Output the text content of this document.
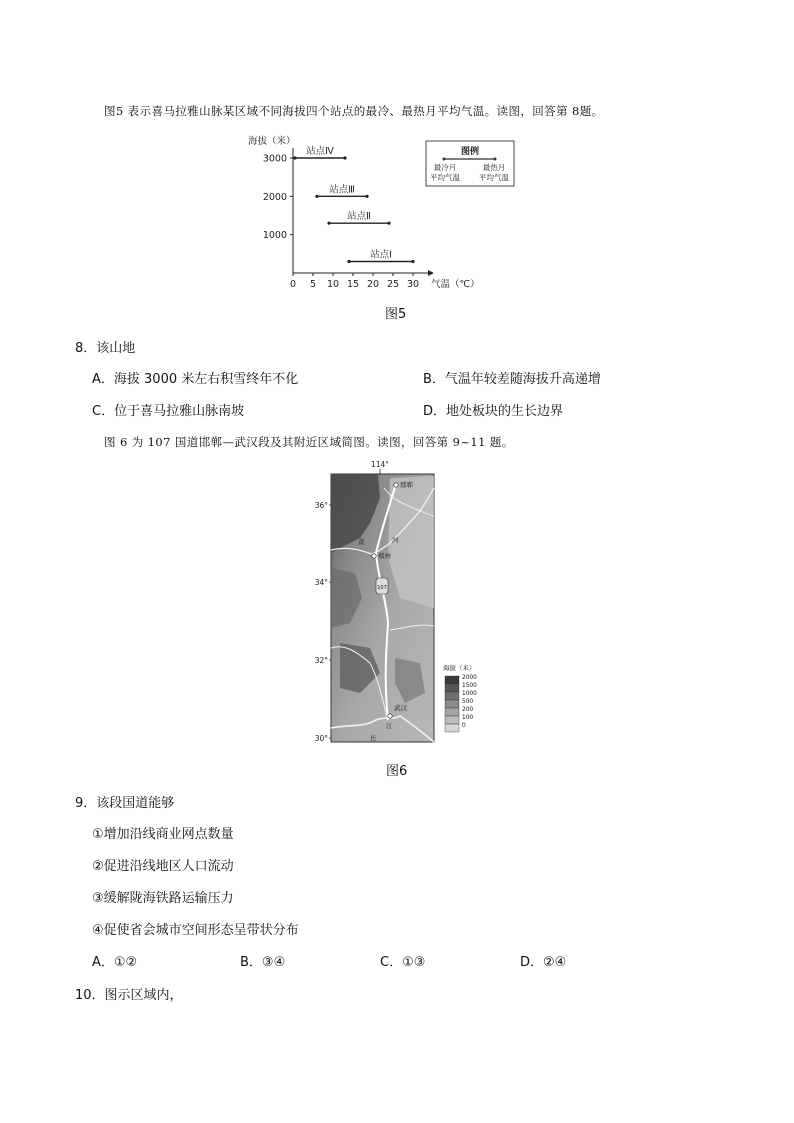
图5 表示喜马拉雅山脉某区域不同海拔四个站点的最冷、最热月平均气温。读图，回答第 8题。
海拔（米）
1000
2000
3000
0 5 10 15 20 25 30 气温（℃）
站点Ⅳ
站点Ⅲ
站点Ⅱ
站点Ⅰ
图例
最冷月
平均气温
最热月
平均气温
图5
8．该山地
A．海拔 3000 米左右积雪终年不化	B．气温年较差随海拔升高递增
C．位于喜马拉雅山脉南坡	D．地处板块的生长边界
图 6 为 107 国道邯郸—武汉段及其附近区域简图。读图，回答第 9~11 题。
114°
107
邯郸
郑州
武汉
黄	河
长
江
36°
34°
32°
30°
海拔（米）
2000
1500
1000
500
200
100
0
图6
9．该段国道能够
①增加沿线商业网点数量
②促进沿线地区人口流动
③缓解陇海铁路运输压力
④促使省会城市空间形态呈带状分布
A．①②	B．③④	C．①③	D．②④
10．图示区域内，
